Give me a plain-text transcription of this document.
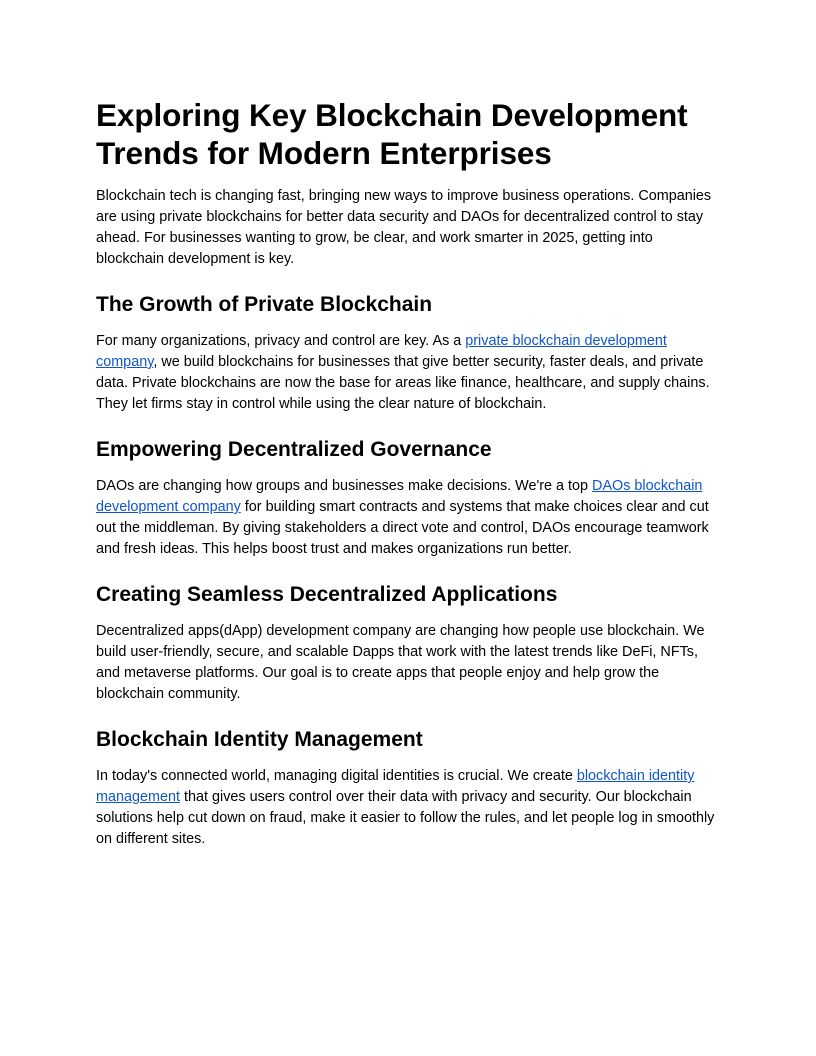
Exploring Key Blockchain Development Trends for Modern Enterprises

Blockchain tech is changing fast, bringing new ways to improve business operations. Companies are using private blockchains for better data security and DAOs for decentralized control to stay ahead. For businesses wanting to grow, be clear, and work smarter in 2025, getting into blockchain development is key.

The Growth of Private Blockchain

For many organizations, privacy and control are key. As a private blockchain development company, we build blockchains for businesses that give better security, faster deals, and private data. Private blockchains are now the base for areas like finance, healthcare, and supply chains. They let firms stay in control while using the clear nature of blockchain.

Empowering Decentralized Governance

DAOs are changing how groups and businesses make decisions. We're a top DAOs blockchain development company for building smart contracts and systems that make choices clear and cut out the middleman. By giving stakeholders a direct vote and control, DAOs encourage teamwork and fresh ideas. This helps boost trust and makes organizations run better.

Creating Seamless Decentralized Applications

Decentralized apps(dApp) development company are changing how people use blockchain. We build user-friendly, secure, and scalable Dapps that work with the latest trends like DeFi, NFTs, and metaverse platforms. Our goal is to create apps that people enjoy and help grow the blockchain community.

Blockchain Identity Management

In today's connected world, managing digital identities is crucial. We create blockchain identity management that gives users control over their data with privacy and security. Our blockchain solutions help cut down on fraud, make it easier to follow the rules, and let people log in smoothly on different sites.
